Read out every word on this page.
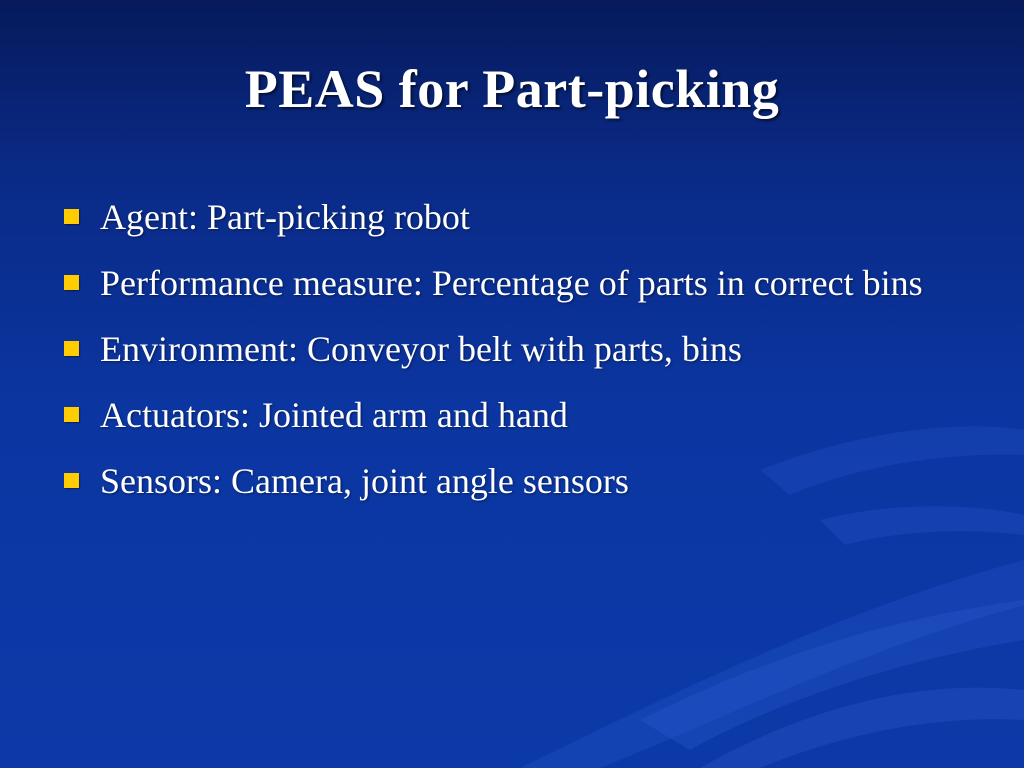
PEAS for Part-picking
Agent: Part-picking robot
Performance measure: Percentage of parts in correct bins
Environment: Conveyor belt with parts, bins
Actuators: Jointed arm and hand
Sensors: Camera, joint angle sensors
